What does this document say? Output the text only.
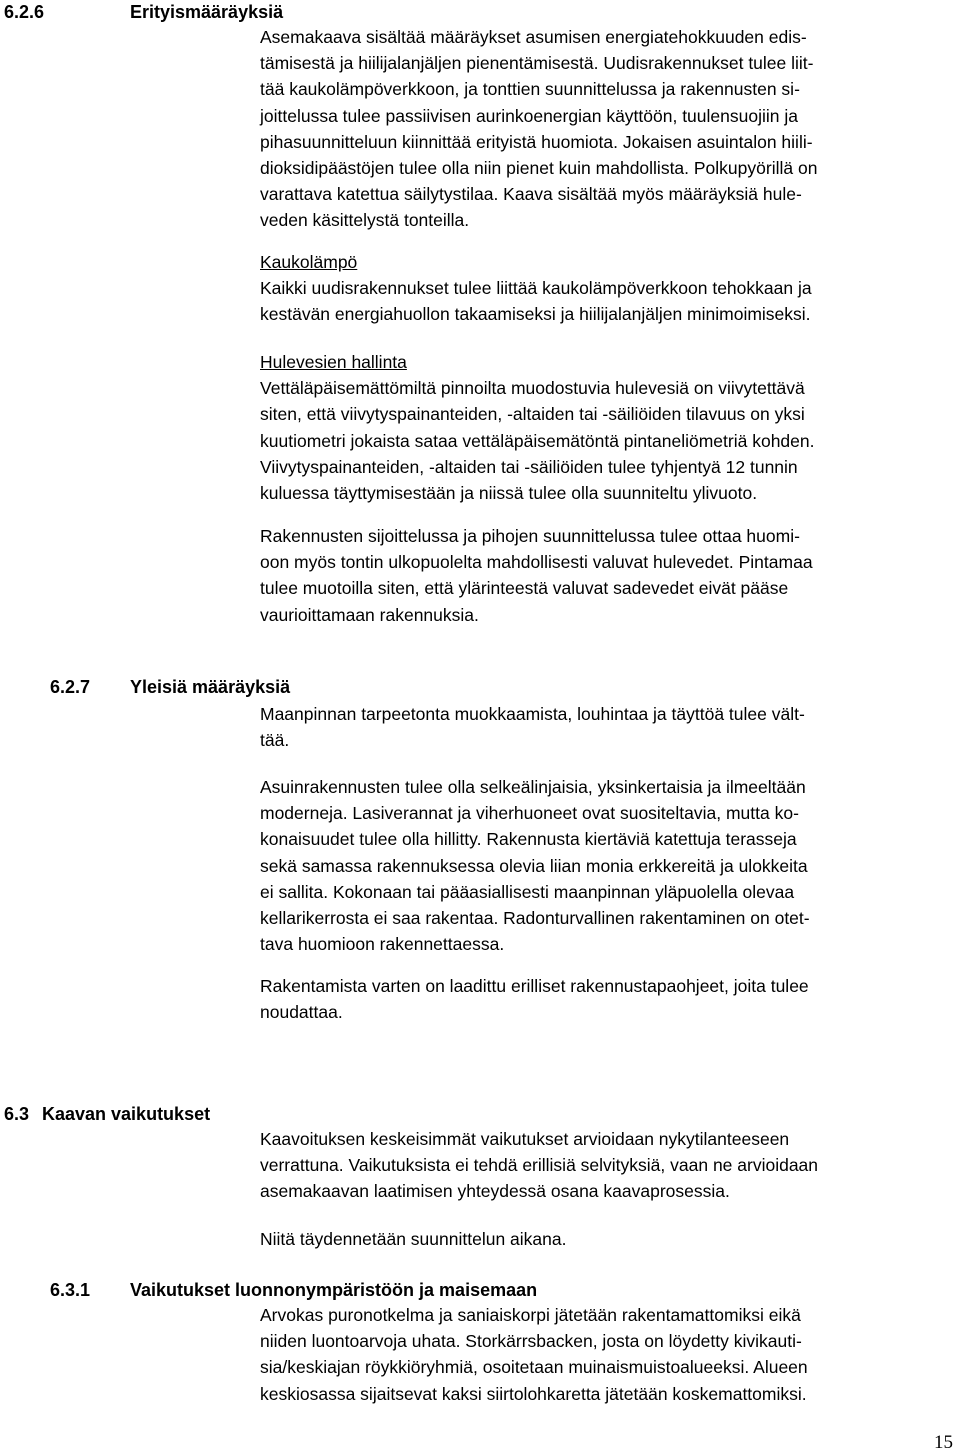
6.2.6	Erityismääräyksiä
Asemakaava sisältää määräykset asumisen energiatehokkuuden edis-
tämisestä ja hiilijalanjäljen pienentämisestä. Uudisrakennukset tulee liit-
tää kaukolämpöverkkoon, ja tonttien suunnittelussa ja rakennusten si-
joittelussa tulee passiivisen aurinkoenergian käyttöön, tuulensuojiin ja
pihasuunnitteluun kiinnittää erityistä huomiota. Jokaisen asuintalon hiili-
dioksidipäästöjen tulee olla niin pienet kuin mahdollista. Polkupyörillä on
varattava katettua säilytystilaa. Kaava sisältää myös määräyksiä hule-
veden käsittelystä tonteilla.
Kaukolämpö
Kaikki uudisrakennukset tulee liittää kaukolämpöverkkoon tehokkaan ja
kestävän energiahuollon takaamiseksi ja hiilijalanjäljen minimoimiseksi.
Hulevesien hallinta
Vettäläpäisemättömiltä pinnoilta muodostuvia hulevesiä on viivytettävä
siten, että viivytyspainanteiden, -altaiden tai -säiliöiden tilavuus on yksi
kuutiometri jokaista sataa vettäläpäisemätöntä pintaneliömetriä kohden.
Viivytyspainanteiden, -altaiden tai -säiliöiden tulee tyhjentyä 12 tunnin
kuluessa täyttymisestään ja niissä tulee olla suunniteltu ylivuoto.
Rakennusten sijoittelussa ja pihojen suunnittelussa tulee ottaa huomi-
oon myös tontin ulkopuolelta mahdollisesti valuvat hulevedet. Pintamaa
tulee muotoilla siten, että ylärinteestä valuvat sadevedet eivät pääse
vaurioittamaan rakennuksia.
6.2.7 Yleisiä määräyksiä
Maanpinnan tarpeetonta muokkaamista, louhintaa ja täyttöä tulee vält-
tää.
Asuinrakennusten tulee olla selkeälinjaisia, yksinkertaisia ja ilmeeltään
moderneja. Lasiverannat ja viherhuoneet ovat suositeltavia, mutta ko-
konaisuudet tulee olla hillitty. Rakennusta kiertäviä katettuja terasseja
sekä samassa rakennuksessa olevia liian monia erkkereitä ja ulokkeita
ei sallita. Kokonaan tai pääasiallisesti maanpinnan yläpuolella olevaa
kellarikerrosta ei saa rakentaa. Radonturvallinen rakentaminen on otet-
tava huomioon rakennettaessa.
Rakentamista varten on laadittu erilliset rakennustapaohjeet, joita tulee
noudattaa.
6.3 Kaavan vaikutukset
Kaavoituksen keskeisimmät vaikutukset arvioidaan nykytilanteeseen
verrattuna. Vaikutuksista ei tehdä erillisiä selvityksiä, vaan ne arvioidaan
asemakaavan laatimisen yhteydessä osana kaavaprosessia.
Niitä täydennetään suunnittelun aikana.
6.3.1 Vaikutukset luonnonympäristöön ja maisemaan
Arvokas puronotkelma ja saniaiskorpi jätetään rakentamattomiksi eikä
niiden luontoarvoja uhata. Storkärrsbacken, josta on löydetty kivikauti-
sia/keskiajan röykkiöryhmiä, osoitetaan muinaismuistoalueeksi. Alueen
keskiosassa sijaitsevat kaksi siirtolohkaretta jätetään koskemattomiksi.
15
